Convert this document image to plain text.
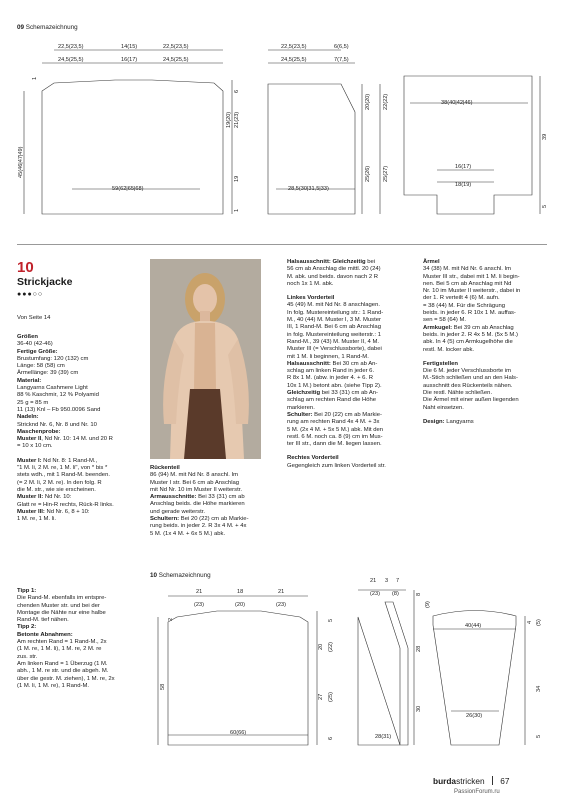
09 Schemazeichnung
22,5(23,5)	14(15)	22,5(23,5)
24,5(25,5)	16(17)	24,5(25,5)
45(46|47|49)
1
6
21(23)
19(20)
19
1
59(62|65|68)
22,5(23,5)	6(6,5)
24,5(25,5)	7(7,5)
20(20) 22(22)
25(26) 25(27)
28,5(30|31,5|33)
38(40|42|46)
16(17)
18(19)
39
5
10
Strickjacke
●●●○○
Von Seite 14

Größen

36-40 (42-46)

Fertige Größe:

Brustumfang: 120 (132) cm

Länge: 58 (58) cm

Ärmellänge: 39 (39) cm

Material:

Langyarns Cashmere Light

88 % Kaschmir, 12 % Polyamid

25 g = 85 m

11 (13) Knl – Fb 950.0096 Sand

Nadeln:

Stricknd Nr. 6, Nr. 8 und Nr. 10

Maschenprobe:

Muster II, Nd Nr. 10: 14 M. und 20 R

= 10 x 10 cm.

Muster I: Nd Nr. 8: 1 Rand-M.,

"1 M. li, 2 M. re, 1 M. li", von * bis *

stets wdh., mit 1 Rand-M. beenden.

(= 2 M. li, 2 M. re). In den folg. R

die M. str., wie sie erscheinen.

Muster II: Nd Nr. 10:

Glatt re = Hin-R rechts, Rück-R links.

Muster III: Nd Nr. 6, 8 + 10:

1 M. re, 1 M. li.

Tipp 1:

Die Rand-M. ebenfalls im entspre-

chenden Muster str. und bei der

Montage die Nähte nur eine halbe

Rand-M. tief nähen.

Tipp 2:

Betonte Abnahmen:

Am rechten Rand = 1 Rand-M., 2x

(1 M. re, 1 M. li), 1 M. re, 2 M. re

zus. str.

Am linken Rand = 1 Überzug (1 M.

abh., 1 M. re str. und die abgeh. M.

über die gestr. M. ziehen), 1 M. re, 2x

(1 M. li, 1 M. re), 1 Rand-M.

Rückenteil

86 (94) M. mit Nd Nr. 8 anschl. Im

Muster I str. Bei 6 cm ab Anschlag

mit Nd Nr. 10 im Muster II weiterstr.

Armausschnitte: Bei 33 (31) cm ab

Anschlag beids. die Höhe markieren

und gerade weiterstr.

Schultern: Bei 20 (22) cm ab Markie-

rung beids. in jeder 2. R 3x 4 M. + 4x

5 M. (1x 4 M. + 6x 5 M.) abk.

Halsausschnitt: Gleichzeitig bei

56 cm ab Anschlag die mittl. 20 (24)

M. abk. und beids. davon nach 2 R

noch 1x 1 M. abk.

Linkes Vorderteil

45 (49) M. mit Nd Nr. 8 anschlagen.

In folg. Mustereinteilung str.: 1 Rand-

M., 40 (44) M. Muster I, 3 M. Muster

III, 1 Rand-M. Bei 6 cm ab Anschlag

in folg. Mustereinteilung weiterstr.: 1

Rand-M., 39 (43) M. Muster II, 4 M.

Muster III (= Verschlussborte), dabei

mit 1 M. li beginnen, 1 Rand-M.

Halsausschnitt: Bei 30 cm ab An-

schlag am linken Rand in jeder 6.

R 8x 1 M. (abw. in jeder 4. + 6. R

10x 1 M.) betont abn. (siehe Tipp 2).

Gleichzeitig bei 33 (31) cm ab An-

schlag am rechten Rand die Höhe

markieren.

Schulter: Bei 20 (22) cm ab Markie-

rung am rechten Rand 4x 4 M. + 3x

5 M. (2x 4 M. + 5x 5 M.) abk. Mit den

restl. 6 M. noch ca. 8 (9) cm im Mus-

ter III str., dann die M. liegen lassen.

Rechtes Vorderteil

Gegengleich zum linken Vorderteil str.

Ärmel

34 (38) M. mit Nd Nr. 6 anschl. Im

Muster III str., dabei mit 1 M. li begin-

nen. Bei 5 cm ab Anschlag mit Nd

Nr. 10 im Muster II weiterstr., dabei in

der 1. R verteilt 4 (6) M. aufn.

= 38 (44) M. Für die Schrägung

beids. in jeder 6. R 10x 1 M. auffas-

sen = 58 (64) M.

Armkugel: Bei 39 cm ab Anschlag

beids. in jeder 2. R 4x 5 M. (5x 5 M.)

abk. In 4 (5) cm Armkugelhöhe die

restl. M. locker abk.

Fertigstellen

Die 6 M. jeder Verschlussborte im

M.-Stich schließen und an den Hals-

ausschnitt des Rückenteils nähen.

Die restl. Nähte schließen.

Die Ärmel mit einer außen liegenden

Naht einsetzen.

Design: Langyarns

10 Schemazeichnung
21	18	21
(23)	(20)	(23)
2
58
20 (22)
5
27 (25)
6
60(66)
21 3 7
(23) (8)	8
(9)
28
30
28(31)
40(44)
26(30)
4 (5)
34
5
burdastricken 67
PassionForum.ru
